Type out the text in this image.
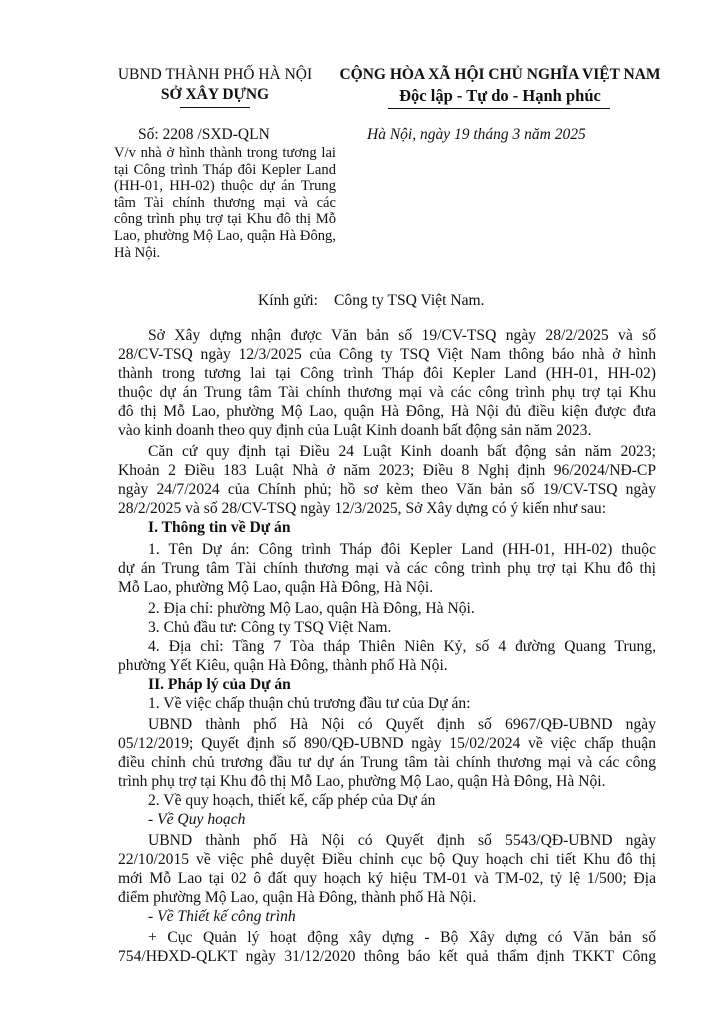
UBND THÀNH PHỐ HÀ NỘI
SỞ XÂY DỰNG
CỘNG HÒA XÃ HỘI CHỦ NGHĨA VIỆT NAM
Độc lập - Tự do - Hạnh phúc
Số: 2208 /SXD-QLN	Hà Nội, ngày 19 tháng 3 năm 2025
V/v nhà ở hình thành trong tương lai tại Công trình Tháp đôi Kepler Land (HH-01, HH-02) thuộc dự án Trung tâm Tài chính thương mại và các công trình phụ trợ tại Khu đô thị Mỗ Lao, phường Mộ Lao, quận Hà Đông, Hà Nội.
Kính gửi: Công ty TSQ Việt Nam.
Sở Xây dựng nhận được Văn bản số 19/CV-TSQ ngày 28/2/2025 và số
28/CV-TSQ ngày 12/3/2025 của Công ty TSQ Việt Nam thông báo nhà ở hình
thành trong tương lai tại Công trình Tháp đôi Kepler Land (HH-01, HH-02)
thuộc dự án Trung tâm Tài chính thương mại và các công trình phụ trợ tại Khu
đô thị Mỗ Lao, phường Mộ Lao, quận Hà Đông, Hà Nội đủ điều kiện được đưa
vào kinh doanh theo quy định của Luật Kinh doanh bất động sản năm 2023.
Căn cứ quy định tại Điều 24 Luật Kinh doanh bất động sản năm 2023;
Khoản 2 Điều 183 Luật Nhà ở năm 2023; Điều 8 Nghị định 96/2024/NĐ-CP
ngày 24/7/2024 của Chính phủ; hồ sơ kèm theo Văn bản số 19/CV-TSQ ngày
28/2/2025 và số 28/CV-TSQ ngày 12/3/2025, Sở Xây dựng có ý kiến như sau:
I. Thông tin về Dự án
1. Tên Dự án: Công trình Tháp đôi Kepler Land (HH-01, HH-02) thuộc
dự án Trung tâm Tài chính thương mại và các công trình phụ trợ tại Khu đô thị
Mỗ Lao, phường Mộ Lao, quận Hà Đông, Hà Nội.
2. Địa chỉ: phường Mộ Lao, quận Hà Đông, Hà Nội.
3. Chủ đầu tư: Công ty TSQ Việt Nam.
4. Địa chỉ: Tầng 7 Tòa tháp Thiên Niên Kỷ, số 4 đường Quang Trung,
phường Yết Kiêu, quận Hà Đông, thành phố Hà Nội.
II. Pháp lý của Dự án
1. Về việc chấp thuận chủ trương đầu tư của Dự án:
UBND thành phố Hà Nội có Quyết định số 6967/QĐ-UBND ngày
05/12/2019; Quyết định số 890/QĐ-UBND ngày 15/02/2024 về việc chấp thuận
điều chỉnh chủ trương đầu tư dự án Trung tâm tài chính thương mại và các công
trình phụ trợ tại Khu đô thị Mỗ Lao, phường Mộ Lao, quận Hà Đông, Hà Nội.
2. Về quy hoạch, thiết kế, cấp phép của Dự án
- Về Quy hoạch
UBND thành phố Hà Nội có Quyết định số 5543/QĐ-UBND ngày
22/10/2015 về việc phê duyệt Điều chỉnh cục bộ Quy hoạch chi tiết Khu đô thị
mới Mỗ Lao tại 02 ô đất quy hoạch ký hiệu TM-01 và TM-02, tỷ lệ 1/500; Địa
điểm phường Mộ Lao, quận Hà Đông, thành phố Hà Nội.
- Về Thiết kế công trình
+ Cục Quản lý hoạt động xây dựng - Bộ Xây dựng có Văn bản số
754/HĐXD-QLKT ngày 31/12/2020 thông báo kết quả thẩm định TKKT Công
